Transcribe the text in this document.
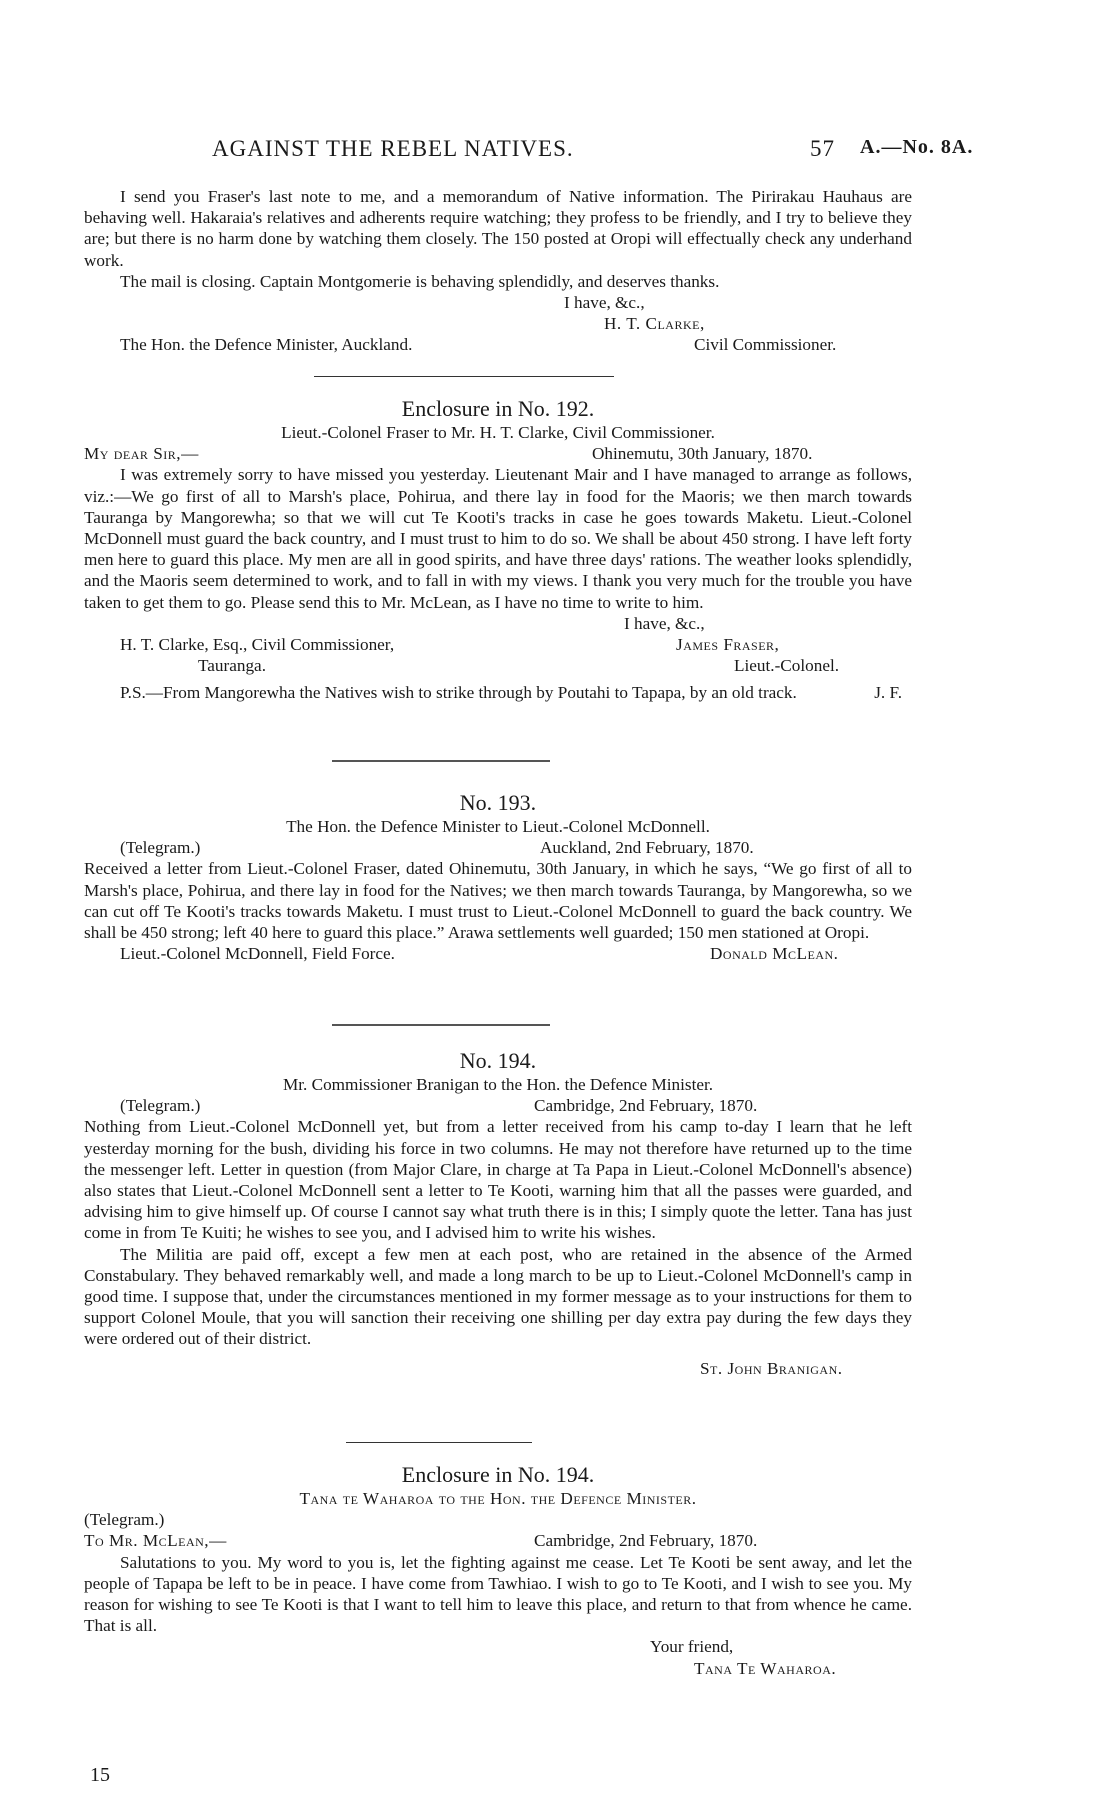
AGAINST THE REBEL NATIVES.	57 A.—No. 8A.

I send you Fraser's last note to me, and a memorandum of Native information. The Pirirakau Hauhaus are behaving well. Hakaraia's relatives and adherents require watching; they profess to be friendly, and I try to believe they are; but there is no harm done by watching them closely. The 150 posted at Oropi will effectually check any underhand work.

The mail is closing. Captain Montgomerie is behaving splendidly, and deserves thanks.

I have, &c.,
H. T. Clarke,
The Hon. the Defence Minister, Auckland.	Civil Commissioner.
Enclosure in No. 192.

Lieut.-Colonel Fraser to Mr. H. T. Clarke, Civil Commissioner.

My dear Sir,—	Ohinemutu, 30th January, 1870.

I was extremely sorry to have missed you yesterday. Lieutenant Mair and I have managed to arrange as follows, viz.:—We go first of all to Marsh's place, Pohirua, and there lay in food for the Maoris; we then march towards Tauranga by Mangorewha; so that we will cut Te Kooti's tracks in case he goes towards Maketu. Lieut.-Colonel McDonnell must guard the back country, and I must trust to him to do so. We shall be about 450 strong. I have left forty men here to guard this place. My men are all in good spirits, and have three days' rations. The weather looks splendidly, and the Maoris seem determined to work, and to fall in with my views. I thank you very much for the trouble you have taken to get them to go. Please send this to Mr. McLean, as I have no time to write to him.

I have, &c.,
H. T. Clarke, Esq., Civil Commissioner,	James Fraser,
Tauranga.	Lieut.-Colonel.

P.S.—From Mangorewha the Natives wish to strike through by Poutahi to Tapapa, by an old track.	J. F.
No. 193.

The Hon. the Defence Minister to Lieut.-Colonel McDonnell.

(Telegram.)	Auckland, 2nd February, 1870.

Received a letter from Lieut.-Colonel Fraser, dated Ohinemutu, 30th January, in which he says, “We go first of all to Marsh's place, Pohirua, and there lay in food for the Natives; we then march towards Tauranga, by Mangorewha, so we can cut off Te Kooti's tracks towards Maketu. I must trust to Lieut.-Colonel McDonnell to guard the back country. We shall be 450 strong; left 40 here to guard this place.” Arawa settlements well guarded; 150 men stationed at Oropi.

Lieut.-Colonel McDonnell, Field Force.	Donald McLean.
No. 194.

Mr. Commissioner Branigan to the Hon. the Defence Minister.

(Telegram.)	Cambridge, 2nd February, 1870.

Nothing from Lieut.-Colonel McDonnell yet, but from a letter received from his camp to-day I learn that he left yesterday morning for the bush, dividing his force in two columns. He may not therefore have returned up to the time the messenger left. Letter in question (from Major Clare, in charge at Ta Papa in Lieut.-Colonel McDonnell's absence) also states that Lieut.-Colonel McDonnell sent a letter to Te Kooti, warning him that all the passes were guarded, and advising him to give himself up. Of course I cannot say what truth there is in this; I simply quote the letter. Tana has just come in from Te Kuiti; he wishes to see you, and I advised him to write his wishes.

The Militia are paid off, except a few men at each post, who are retained in the absence of the Armed Constabulary. They behaved remarkably well, and made a long march to be up to Lieut.-Colonel McDonnell's camp in good time. I suppose that, under the circumstances mentioned in my former message as to your instructions for them to support Colonel Moule, that you will sanction their receiving one shilling per day extra pay during the few days they were ordered out of their district.

St. John Branigan.
Enclosure in No. 194.

Tana te Waharoa to the Hon. the Defence Minister.

(Telegram.)
To Mr. McLean,—	Cambridge, 2nd February, 1870.

Salutations to you. My word to you is, let the fighting against me cease. Let Te Kooti be sent away, and let the people of Tapapa be left to be in peace. I have come from Tawhiao. I wish to go to Te Kooti, and I wish to see you. My reason for wishing to see Te Kooti is that I want to tell him to leave this place, and return to that from whence he came. That is all.

Your friend,
Tana Te Waharoa.
15
